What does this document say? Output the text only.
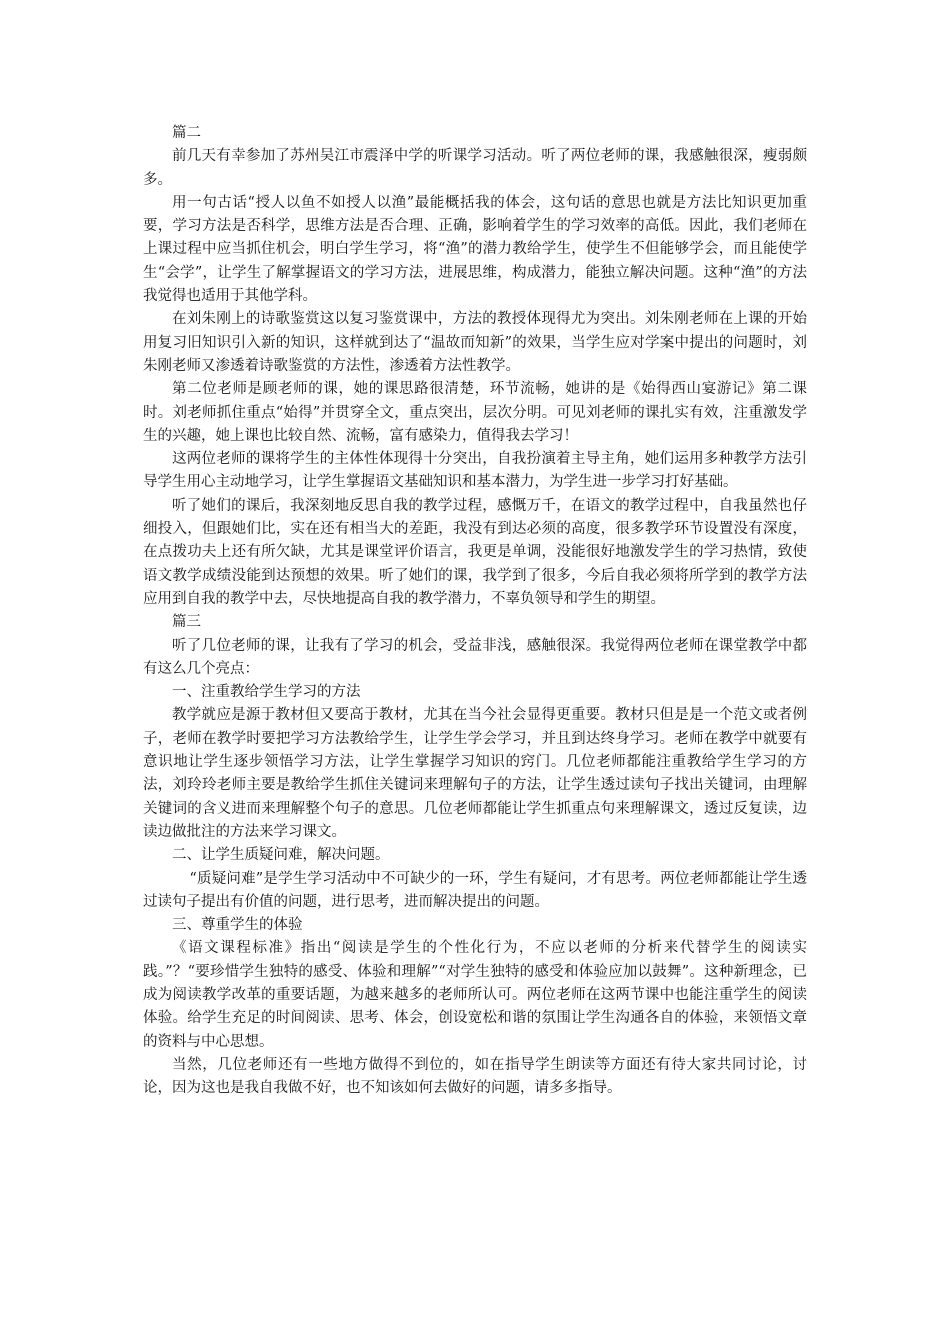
篇二

前几天有幸参加了苏州吴江市震泽中学的听课学习活动。听了两位老师的课，我感触很深，瘦弱颇多。

用一句古话“授人以鱼不如授人以渔”最能概括我的体会，这句话的意思也就是方法比知识更加重要，学习方法是否科学，思维方法是否合理、正确，影响着学生的学习效率的高低。因此，我们老师在上课过程中应当抓住机会，明白学生学习，将“渔”的潜力教给学生，使学生不但能够学会，而且能使学生“会学”，让学生了解掌握语文的学习方法，进展思维，构成潜力，能独立解决问题。这种“渔”的方法我觉得也适用于其他学科。

在刘朱刚上的诗歌鉴赏这以复习鉴赏课中，方法的教授体现得尤为突出。刘朱刚老师在上课的开始用复习旧知识引入新的知识，这样就到达了“温故而知新”的效果，当学生应对学案中提出的问题时，刘朱刚老师又渗透着诗歌鉴赏的方法性，渗透着方法性教学。

第二位老师是顾老师的课，她的课思路很清楚，环节流畅，她讲的是《始得西山宴游记》第二课时。刘老师抓住重点“始得”并贯穿全文，重点突出，层次分明。可见刘老师的课扎实有效，注重激发学生的兴趣，她上课也比较自然、流畅，富有感染力，值得我去学习！

这两位老师的课将学生的主体性体现得十分突出，自我扮演着主导主角，她们运用多种教学方法引导学生用心主动地学习，让学生掌握语文基础知识和基本潜力，为学生进一步学习打好基础。

听了她们的课后，我深刻地反思自我的教学过程，感慨万千，在语文的教学过程中，自我虽然也仔细投入，但跟她们比，实在还有相当大的差距，我没有到达必须的高度，很多教学环节设置没有深度，在点拨功夫上还有所欠缺，尤其是课堂评价语言，我更是单调，没能很好地激发学生的学习热情，致使语文教学成绩没能到达预想的效果。听了她们的课，我学到了很多，今后自我必须将所学到的教学方法应用到自我的教学中去，尽快地提高自我的教学潜力，不辜负领导和学生的期望。

篇三

听了几位老师的课，让我有了学习的机会，受益非浅，感触很深。我觉得两位老师在课堂教学中都有这么几个亮点：

一、注重教给学生学习的方法

教学就应是源于教材但又要高于教材，尤其在当今社会显得更重要。教材只但是是一个范文或者例子，老师在教学时要把学习方法教给学生，让学生学会学习，并且到达终身学习。老师在教学中就要有意识地让学生逐步领悟学习方法，让学生掌握学习知识的窍门。几位老师都能注重教给学生学习的方法，刘玲玲老师主要是教给学生抓住关键词来理解句子的方法，让学生透过读句子找出关键词，由理解关键词的含义进而来理解整个句子的意思。几位老师都能让学生抓重点句来理解课文，透过反复读，边读边做批注的方法来学习课文。

二、让学生质疑问难，解决问题。

“质疑问难”是学生学习活动中不可缺少的一环，学生有疑问，才有思考。两位老师都能让学生透过读句子提出有价值的问题，进行思考，进而解决提出的问题。

三、尊重学生的体验

《语文课程标准》指出“阅读是学生的个性化行为，不应以老师的分析来代替学生的阅读实践。”？“要珍惜学生独特的感受、体验和理解”“对学生独特的感受和体验应加以鼓舞”。这种新理念，已成为阅读教学改革的重要话题，为越来越多的老师所认可。两位老师在这两节课中也能注重学生的阅读体验。给学生充足的时间阅读、思考、体会，创设宽松和谐的氛围让学生沟通各自的体验，来领悟文章的资料与中心思想。

当然，几位老师还有一些地方做得不到位的，如在指导学生朗读等方面还有待大家共同讨论，讨论，因为这也是我自我做不好，也不知该如何去做好的问题，请多多指导。
